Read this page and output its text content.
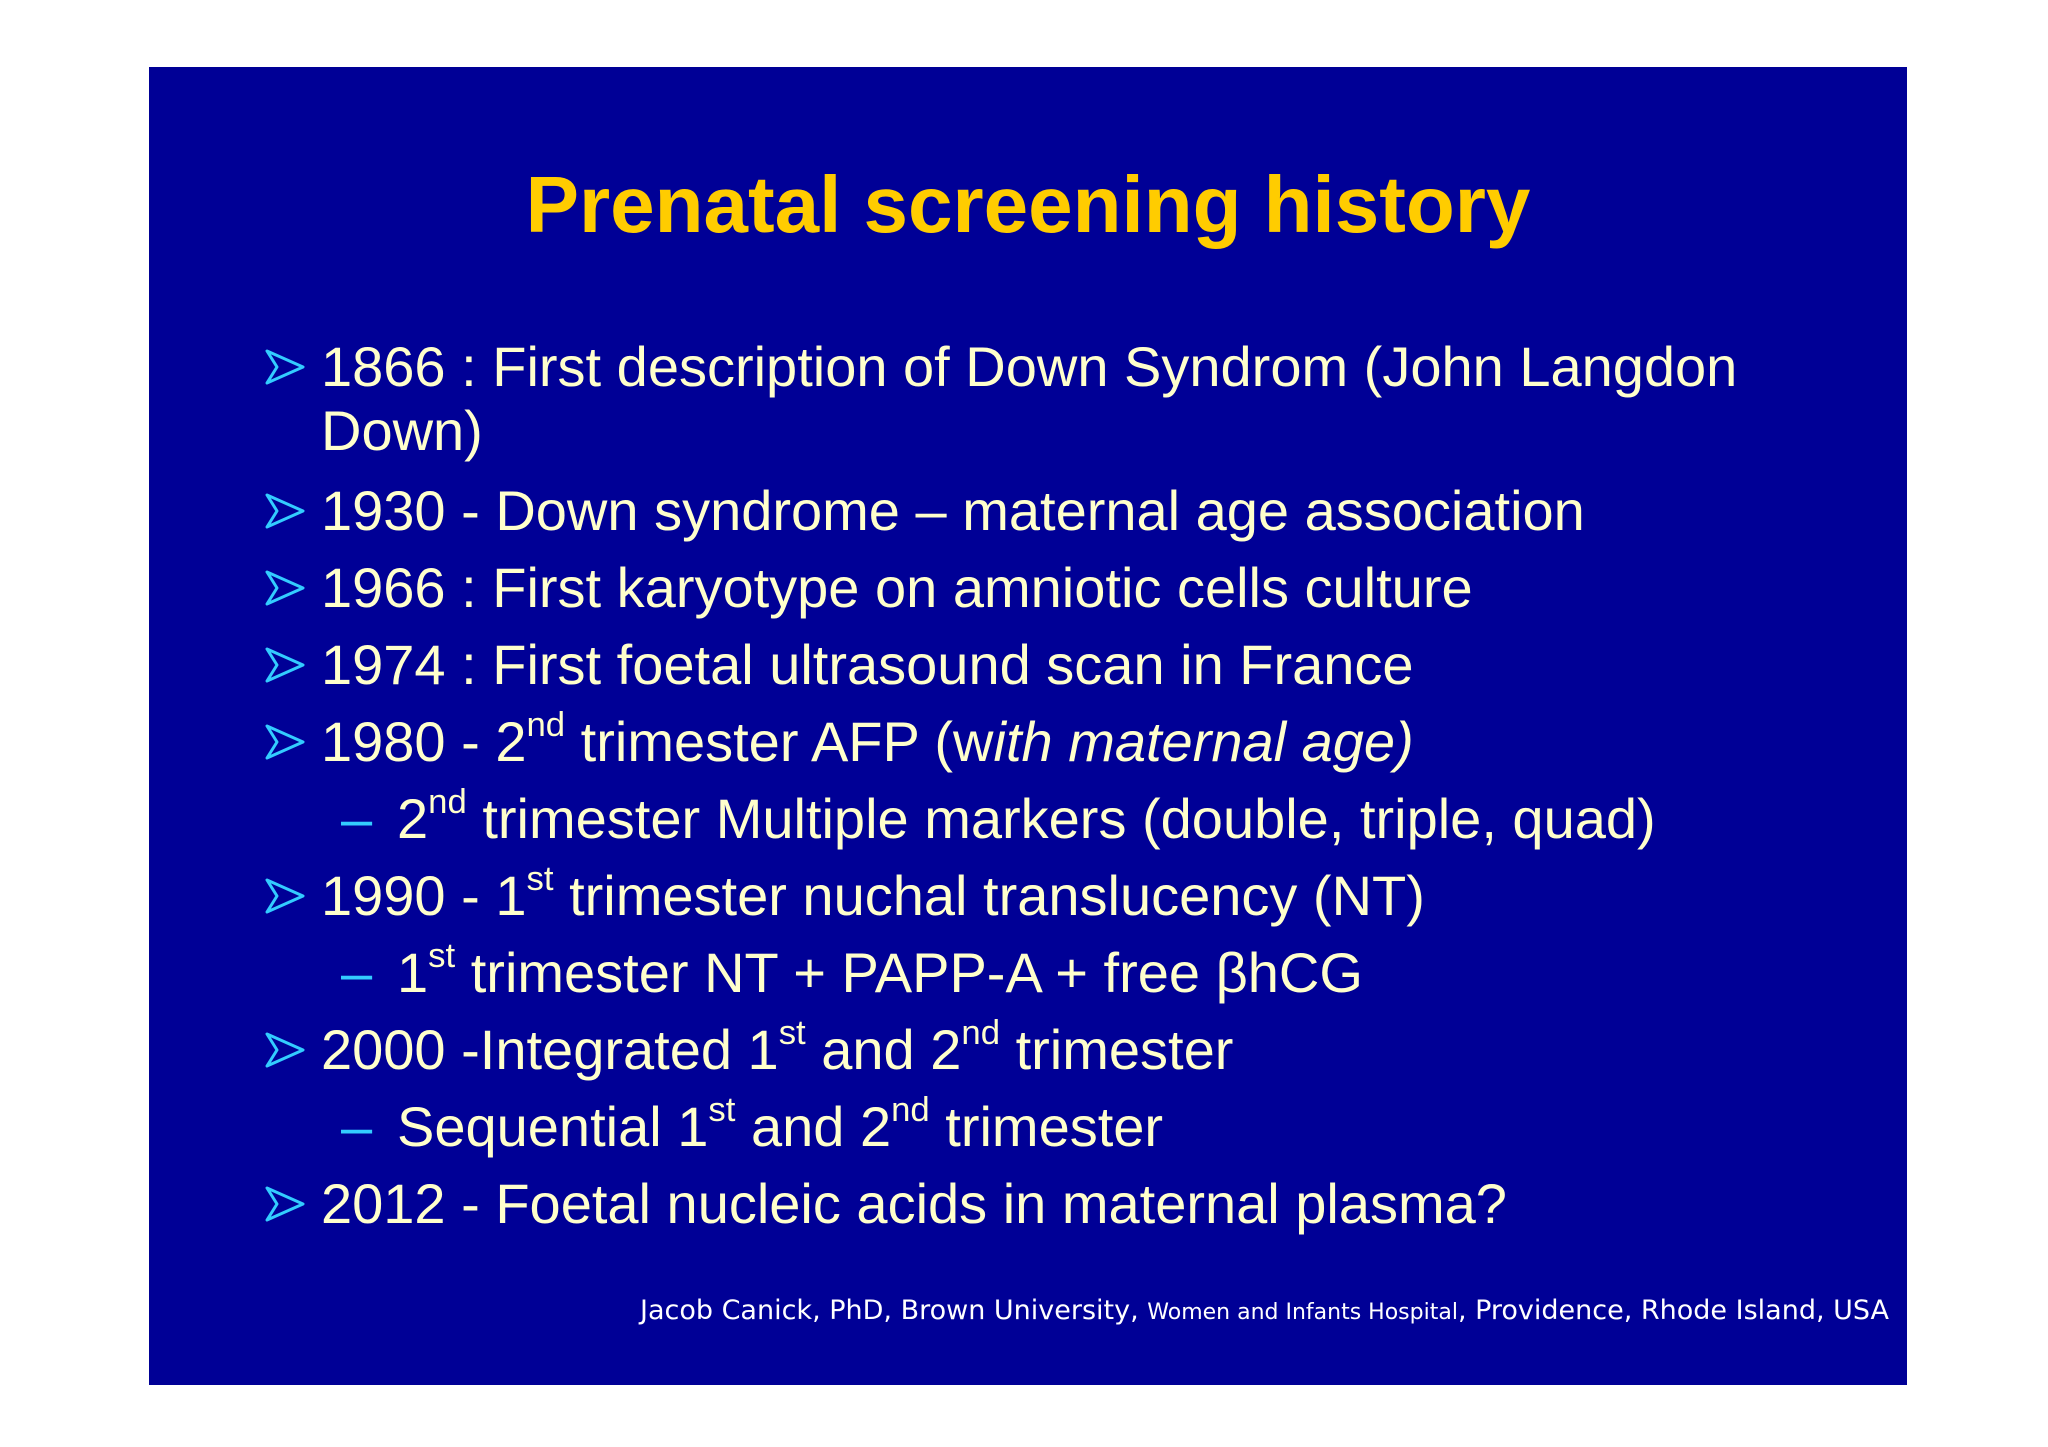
Prenatal screening history
1866 : First description of Down Syndrom (John Langdon Down)
1930 - Down syndrome – maternal age association
1966 : First karyotype on amniotic cells culture
1974 : First foetal ultrasound scan in France
1980 - 2nd trimester AFP (with maternal age)
– 2nd trimester Multiple markers (double, triple, quad)
1990 - 1st trimester nuchal translucency (NT)
– 1st trimester NT + PAPP-A + free βhCG
2000 -Integrated 1st and 2nd trimester
– Sequential 1st and 2nd trimester
2012 - Foetal nucleic acids in maternal plasma?
Jacob Canick, PhD, Brown University, Women and Infants Hospital, Providence, Rhode Island, USA
